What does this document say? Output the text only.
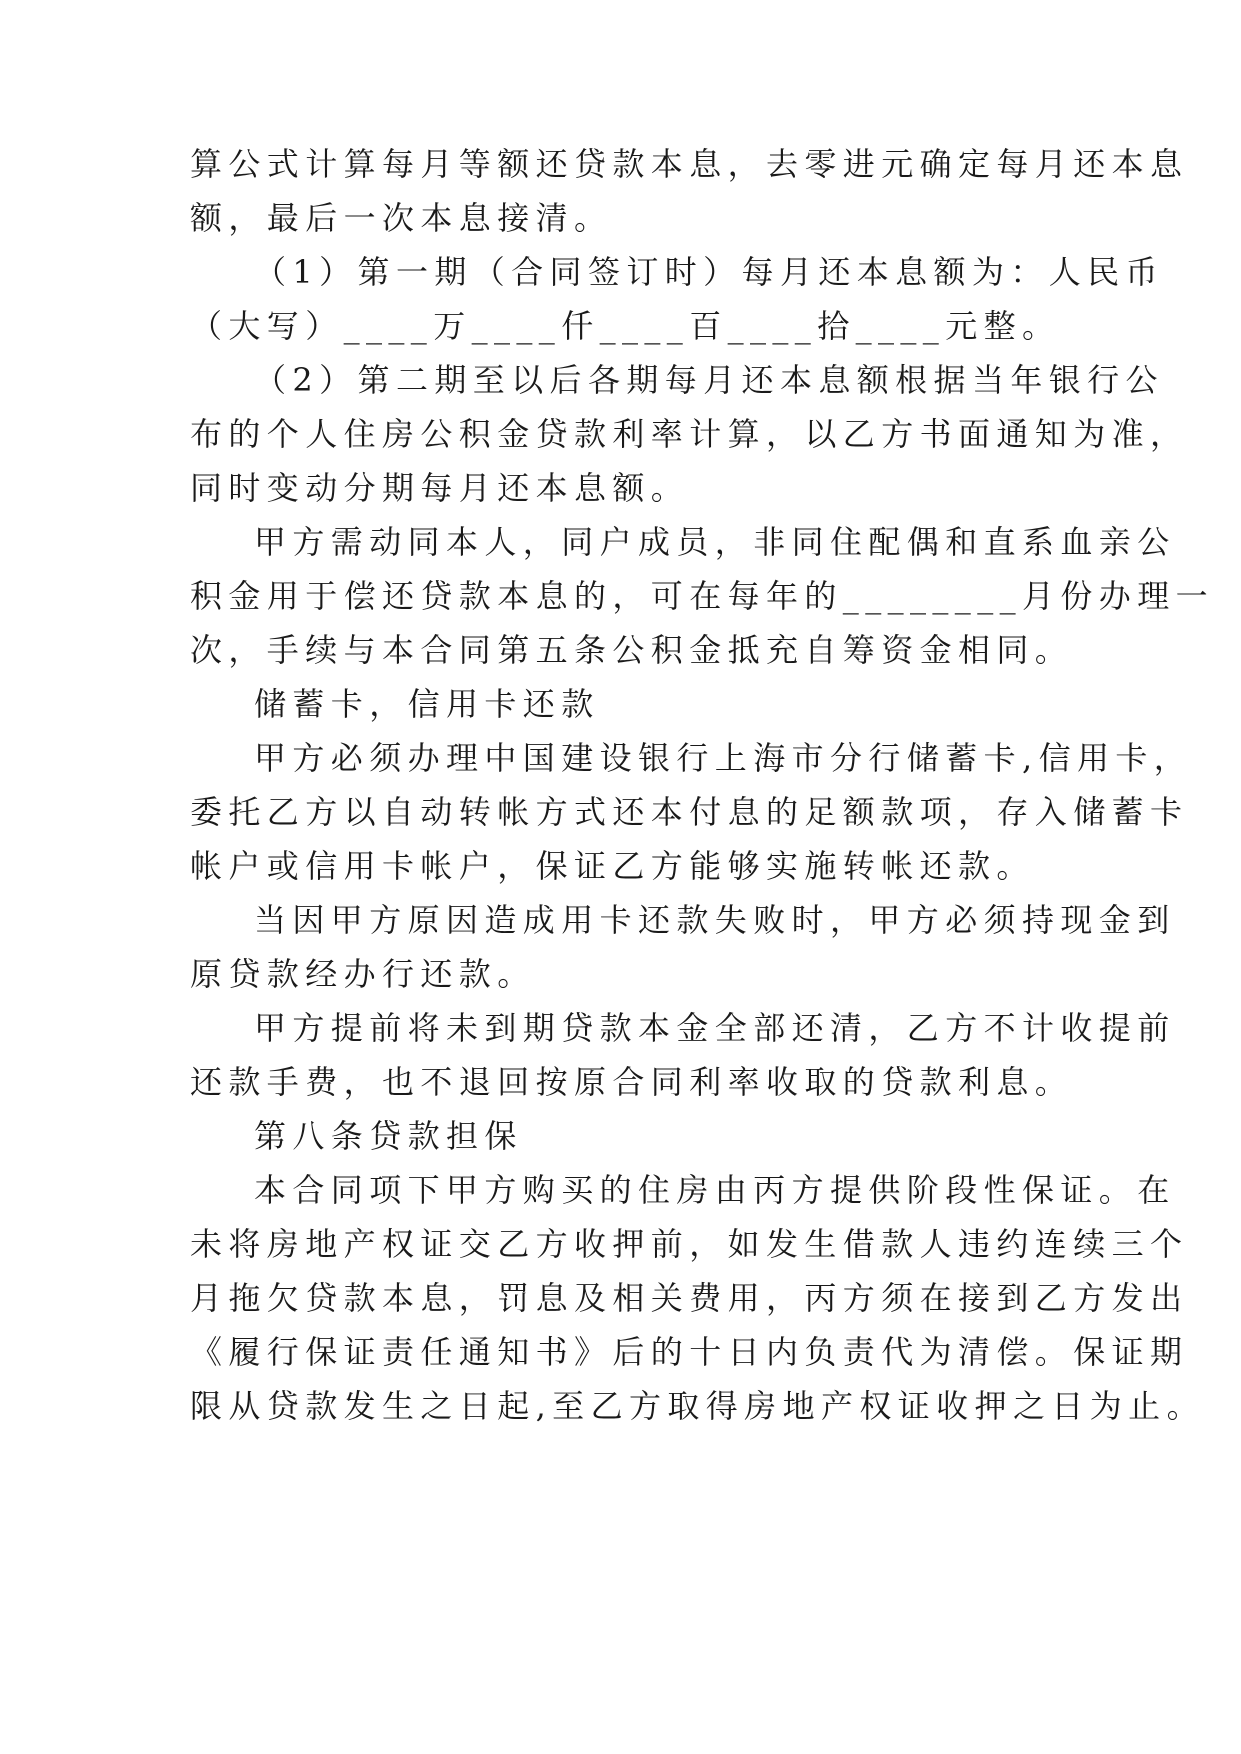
算公式计算每月等额还贷款本息，去零进元确定每月还本息
额，最后一次本息接清。
（1）第一期（合同签订时）每月还本息额为：人民币
（大写）____万____仟____百____拾____元整。
（2）第二期至以后各期每月还本息额根据当年银行公
布的个人住房公积金贷款利率计算，以乙方书面通知为准，
同时变动分期每月还本息额。
甲方需动同本人，同户成员，非同住配偶和直系血亲公
积金用于偿还贷款本息的，可在每年的________月份办理一
次，手续与本合同第五条公积金抵充自筹资金相同。
储蓄卡，信用卡还款
甲方必须办理中国建设银行上海市分行储蓄卡,信用卡，
委托乙方以自动转帐方式还本付息的足额款项，存入储蓄卡
帐户或信用卡帐户，保证乙方能够实施转帐还款。
当因甲方原因造成用卡还款失败时，甲方必须持现金到
原贷款经办行还款。
甲方提前将未到期贷款本金全部还清，乙方不计收提前
还款手费，也不退回按原合同利率收取的贷款利息。
第八条贷款担保
本合同项下甲方购买的住房由丙方提供阶段性保证。在
未将房地产权证交乙方收押前，如发生借款人违约连续三个
月拖欠贷款本息，罚息及相关费用，丙方须在接到乙方发出
《履行保证责任通知书》后的十日内负责代为清偿。保证期
限从贷款发生之日起,至乙方取得房地产权证收押之日为止。
